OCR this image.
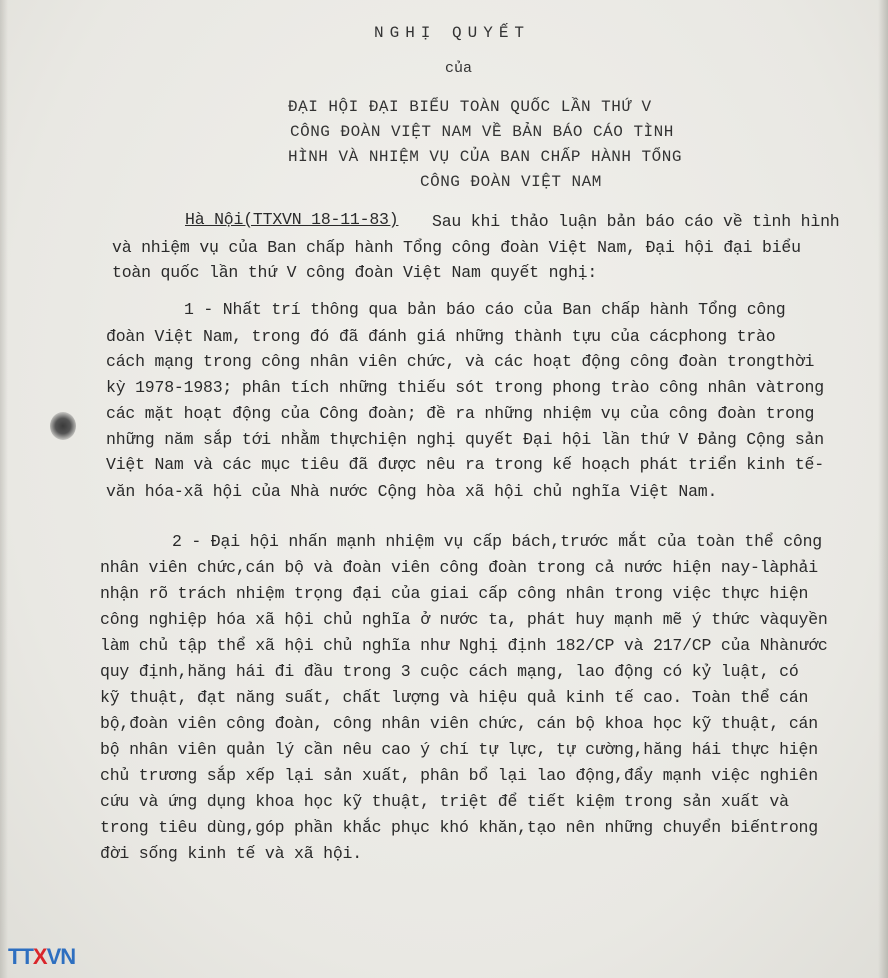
NGHỊ QUYẾT
của
ĐẠI HỘI ĐẠI BIỂU TOÀN QUỐC LẦN THỨ V
CÔNG ĐOÀN VIỆT NAM VỀ BẢN BÁO CÁO TÌNH
HÌNH VÀ NHIỆM VỤ CỦA BAN CHẤP HÀNH TỔNG
CÔNG ĐOÀN VIỆT NAM
Hà Nội(TTXVN 18-11-83) Sau khi thảo luận bản báo cáo về tình hình
và nhiệm vụ của Ban chấp hành Tổng công đoàn Việt Nam, Đại hội đại biểu
toàn quốc lần thứ V công đoàn Việt Nam quyết nghị:
1 - Nhất trí thông qua bản báo cáo của Ban chấp hành Tổng công
đoàn Việt Nam, trong đó đã đánh giá những thành tựu của cácphong trào
cách mạng trong công nhân viên chức, và các hoạt động công đoàn trongthời
kỳ 1978-1983; phân tích những thiếu sót trong phong trào công nhân vàtrong
các mặt hoạt động của Công đoàn; đề ra những nhiệm vụ của công đoàn trong
những năm sắp tới nhằm thựchiện nghị quyết Đại hội lần thứ V Đảng Cộng sản
Việt Nam và các mục tiêu đã được nêu ra trong kế hoạch phát triển kinh tế-
văn hóa-xã hội của Nhà nước Cộng hòa xã hội chủ nghĩa Việt Nam.
2 - Đại hội nhấn mạnh nhiệm vụ cấp bách,trước mắt của toàn thể công
nhân viên chức,cán bộ và đoàn viên công đoàn trong cả nước hiện nay-làphải
nhận rõ trách nhiệm trọng đại của giai cấp công nhân trong việc thực hiện
công nghiệp hóa xã hội chủ nghĩa ở nước ta, phát huy mạnh mẽ ý thức vàquyền
làm chủ tập thể xã hội chủ nghĩa như Nghị định 182/CP và 217/CP của Nhànước
quy định,hăng hái đi đầu trong 3 cuộc cách mạng, lao động có kỷ luật, có
kỹ thuật, đạt năng suất, chất lượng và hiệu quả kinh tế cao. Toàn thể cán
bộ,đoàn viên công đoàn, công nhân viên chức, cán bộ khoa học kỹ thuật, cán
bộ nhân viên quản lý cần nêu cao ý chí tự lực, tự cường,hăng hái thực hiện
chủ trương sắp xếp lại sản xuất, phân bổ lại lao động,đẩy mạnh việc nghiên
cứu và ứng dụng khoa học kỹ thuật, triệt để tiết kiệm trong sản xuất và
trong tiêu dùng,góp phần khắc phục khó khăn,tạo nên những chuyển biếntrong
đời sống kinh tế và xã hội.
TTXVN
